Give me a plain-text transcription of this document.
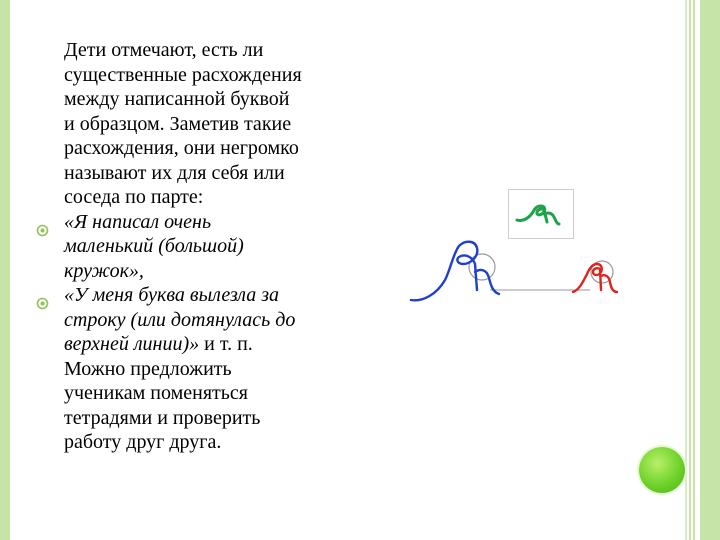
Дети отмечают, есть ли
существенные расхождения
между написанной буквой
и образцом. Заметив такие
расхождения, они негромко
называют их для себя или
соседа по парте:
«Я написал очень
маленький (большой)
кружок»,
«У меня буква вылезла за
строку (или дотянулась до
верхней линии)» и т. п.
Можно предложить
ученикам поменяться
тетрадями и проверить
работу друг друга.
